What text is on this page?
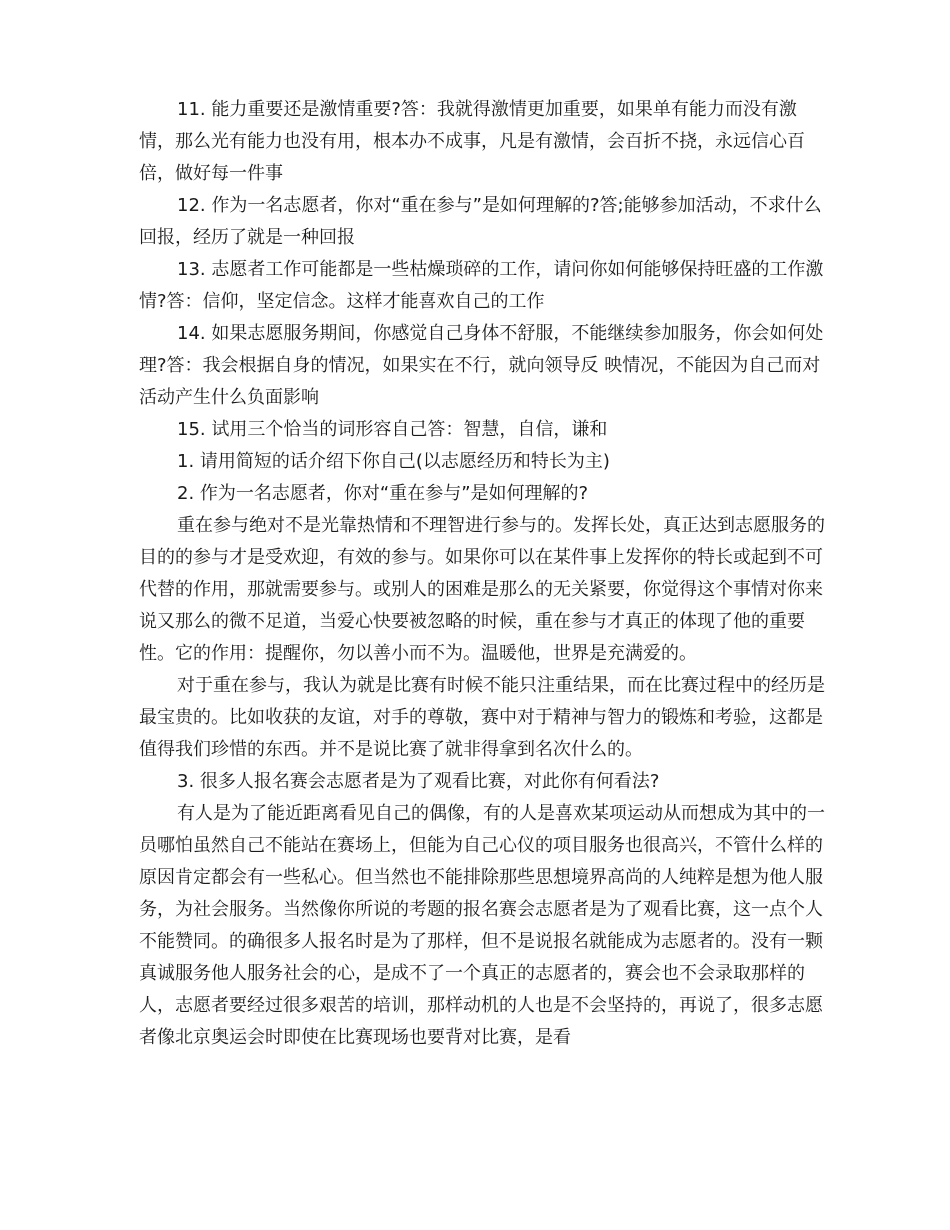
11. 能力重要还是激情重要?答：我就得激情更加重要，如果单有能力而没有激情，那么光有能力也没有用，根本办不成事，凡是有激情，会百折不挠，永远信心百倍，做好每一件事

12. 作为一名志愿者，你对“重在参与”是如何理解的?答;能够参加活动，不求什么回报，经历了就是一种回报

13. 志愿者工作可能都是一些枯燥琐碎的工作，请问你如何能够保持旺盛的工作激情?答：信仰，坚定信念。这样才能喜欢自己的工作

14. 如果志愿服务期间，你感觉自己身体不舒服，不能继续参加服务，你会如何处理?答：我会根据自身的情况，如果实在不行，就向领导反 映情况，不能因为自己而对活动产生什么负面影响

15. 试用三个恰当的词形容自己答：智慧，自信，谦和

1. 请用简短的话介绍下你自己(以志愿经历和特长为主)

2. 作为一名志愿者，你对“重在参与”是如何理解的?

重在参与绝对不是光靠热情和不理智进行参与的。发挥长处，真正达到志愿服务的目的的参与才是受欢迎，有效的参与。如果你可以在某件事上发挥你的特长或起到不可代替的作用，那就需要参与。或别人的困难是那么的无关紧要，你觉得这个事情对你来说又那么的微不足道，当爱心快要被忽略的时候，重在参与才真正的体现了他的重要性。它的作用：提醒你，勿以善小而不为。温暖他，世界是充满爱的。

对于重在参与，我认为就是比赛有时候不能只注重结果，而在比赛过程中的经历是最宝贵的。比如收获的友谊，对手的尊敬，赛中对于精神与智力的锻炼和考验，这都是值得我们珍惜的东西。并不是说比赛了就非得拿到名次什么的。

3. 很多人报名赛会志愿者是为了观看比赛，对此你有何看法?

有人是为了能近距离看见自己的偶像，有的人是喜欢某项运动从而想成为其中的一员哪怕虽然自己不能站在赛场上，但能为自己心仪的项目服务也很高兴，不管什么样的原因肯定都会有一些私心。但当然也不能排除那些思想境界高尚的人纯粹是想为他人服务，为社会服务。当然像你所说的考题的报名赛会志愿者是为了观看比赛，这一点个人不能赞同。的确很多人报名时是为了那样，但不是说报名就能成为志愿者的。没有一颗真诚服务他人服务社会的心，是成不了一个真正的志愿者的，赛会也不会录取那样的人，志愿者要经过很多艰苦的培训，那样动机的人也是不会坚持的，再说了，很多志愿者像北京奥运会时即使在比赛现场也要背对比赛，是看
